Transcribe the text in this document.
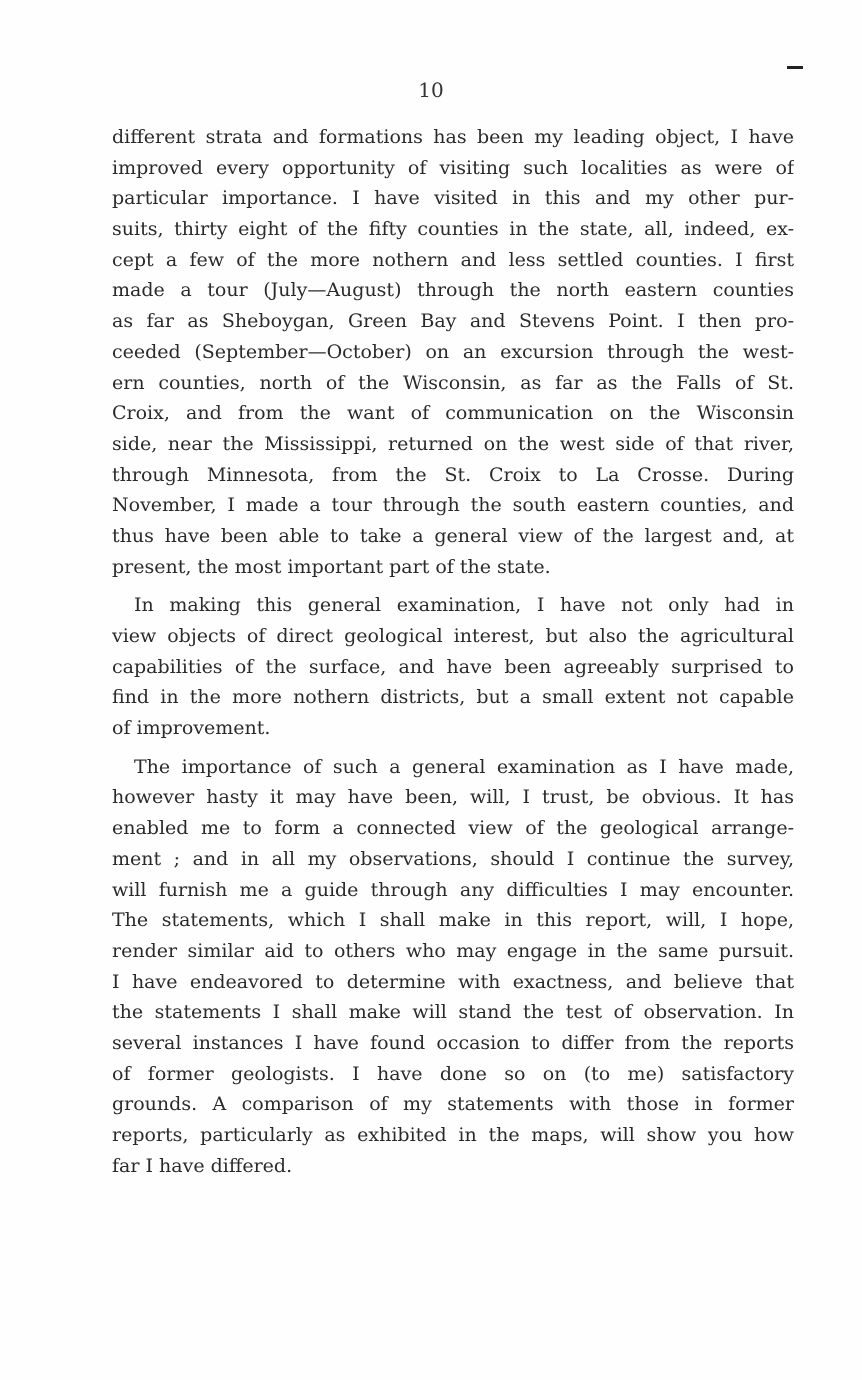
10
different strata and formations has been my leading object, I have
improved every opportunity of visiting such localities as were of
particular importance. I have visited in this and my other pur-
suits, thirty eight of the fifty counties in the state, all, indeed, ex-
cept a few of the more nothern and less settled counties. I first
made a tour (July—August) through the north eastern counties
as far as Sheboygan, Green Bay and Stevens Point. I then pro-
ceeded (September—October) on an excursion through the west-
ern counties, north of the Wisconsin, as far as the Falls of St.
Croix, and from the want of communication on the Wisconsin
side, near the Mississippi, returned on the west side of that river,
through Minnesota, from the St. Croix to La Crosse. During
November, I made a tour through the south eastern counties, and
thus have been able to take a general view of the largest and, at
present, the most important part of the state.
In making this general examination, I have not only had in
view objects of direct geological interest, but also the agricultural
capabilities of the surface, and have been agreeably surprised to
find in the more nothern districts, but a small extent not capable
of improvement.
The importance of such a general examination as I have made,
however hasty it may have been, will, I trust, be obvious. It has
enabled me to form a connected view of the geological arrange-
ment ; and in all my observations, should I continue the survey,
will furnish me a guide through any difficulties I may encounter.
The statements, which I shall make in this report, will, I hope,
render similar aid to others who may engage in the same pursuit.
I have endeavored to determine with exactness, and believe that
the statements I shall make will stand the test of observation. In
several instances I have found occasion to differ from the reports
of former geologists. I have done so on (to me) satisfactory
grounds. A comparison of my statements with those in former
reports, particularly as exhibited in the maps, will show you how
far I have differed.
